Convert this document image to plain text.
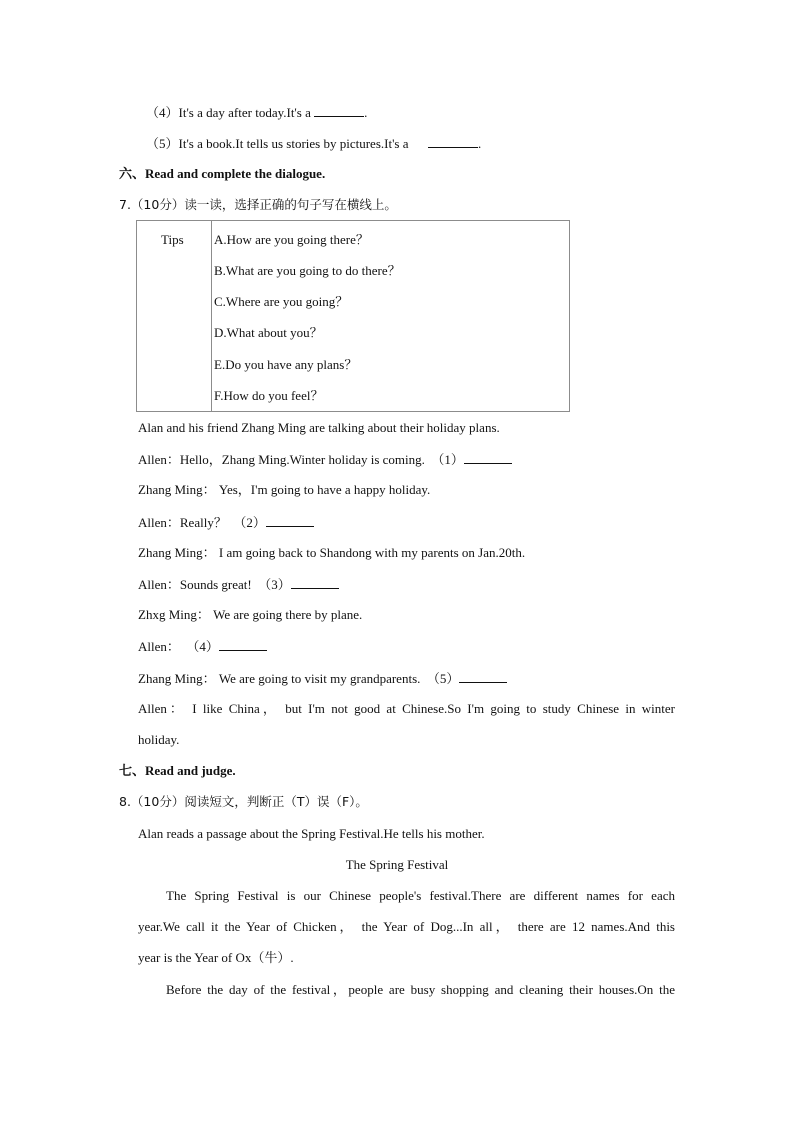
（4）It's a day after today.It's a	.
（5）It's a book.It tells us stories by pictures.It's a	.
六、Read and complete the dialogue.
7.（10分）读一读，选择正确的句子写在横线上。
Tips A.How are you going there？
B.What are you going to do there？
C.Where are you going？
D.What about you？
E.Do you have any plans？
F.How do you feel？
Alan and his friend Zhang Ming are talking about their holiday plans.
Allen：Hello，Zhang Ming.Winter holiday is coming. （1）
Zhang Ming： Yes，I'm going to have a happy holiday.
Allen：Really？ （2）
Zhang Ming： I am going back to Shandong with my parents on Jan.20th.
Allen：Sounds great! （3）
Zhxg Ming： We are going there by plane.
Allen： （4）
Zhang Ming： We are going to visit my grandparents. （5）
Allen： I like China， but I'm not good at Chinese.So I'm going to study Chinese in winter
holiday.
七、Read and judge.
8.（10分）阅读短文，判断正（T）误（F）。
Alan reads a passage about the Spring Festival.He tells his mother.
The Spring Festival
The Spring Festival is our Chinese people's festival.There are different names for each
year.We call it the Year of Chicken， the Year of Dog...In all， there are 12 names.And this
year is the Year of Ox（牛）.
Before the day of the festival，people are busy shopping and cleaning their houses.On the
